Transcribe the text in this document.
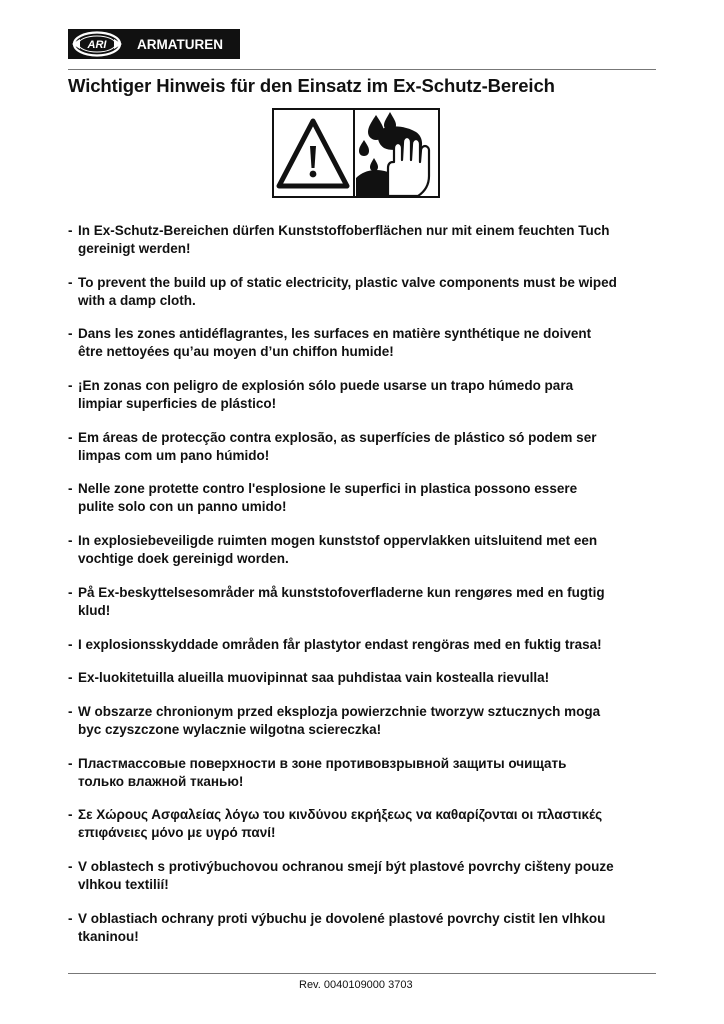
ARI ARMATUREN
Wichtiger Hinweis für den Einsatz im Ex-Schutz-Bereich
- In Ex-Schutz-Bereichen dürfen Kunststoffoberflächen nur mit einem feuchten Tuch
gereinigt werden!
- To prevent the build up of static electricity, plastic valve components must be wiped
with a damp cloth.
- Dans les zones antidéflagrantes, les surfaces en matière synthétique ne doivent
être nettoyées qu’au moyen d’un chiffon humide!
- ¡En zonas con peligro de explosión sólo puede usarse un trapo húmedo para
limpiar superficies de plástico!
- Em áreas de protecção contra explosão, as superfícies de plástico só podem ser
limpas com um pano húmido!
- Nelle zone protette contro l'esplosione le superfici in plastica possono essere
pulite solo con un panno umido!
- In explosiebeveiligde ruimten mogen kunststof oppervlakken uitsluitend met een
vochtige doek gereinigd worden.
- På Ex-beskyttelsesområder må kunststofoverfladerne kun rengøres med en fugtig
klud!
- I explosionsskyddade områden får plastytor endast rengöras med en fuktig trasa!
- Ex-luokitetuilla alueilla muovipinnat saa puhdistaa vain kostealla rievulla!
- W obszarze chronionym przed eksplozja powierzchnie tworzyw sztucznych moga
byc czyszczone wylacznie wilgotna sciereczka!
- Пластмассовые поверхности в зоне противовзрывной защиты очищать
только влажной тканью!
- Σε Χώρους Ασφαλείας λόγω του κινδύνου εκρήξεως να καθαρίζονται οι πλαστικές
επιφάνειες μόνο με υγρό πανί!
- V oblastech s protivýbuchovou ochranou smejí být plastové povrchy cišteny pouze
vlhkou textilií!
- V oblastiach ochrany proti výbuchu je dovolené plastové povrchy cistit len vlhkou
tkaninou!
Rev. 0040109000 3703
